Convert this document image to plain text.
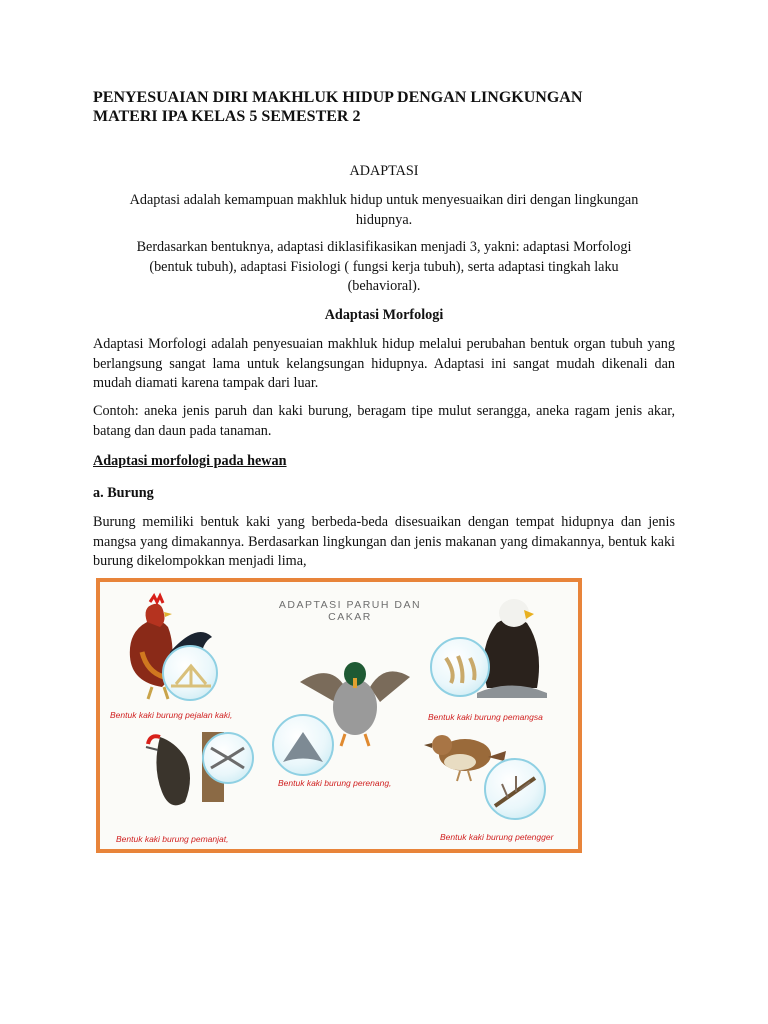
PENYESUAIAN DIRI MAKHLUK HIDUP DENGAN LINGKUNGAN
MATERI IPA KELAS 5 SEMESTER 2

ADAPTASI

Adaptasi adalah kemampuan makhluk hidup untuk menyesuaikan diri dengan lingkungan
hidupnya.
Berdasarkan bentuknya, adaptasi diklasifikasikan menjadi 3, yakni: adaptasi Morfologi
(bentuk tubuh), adaptasi Fisiologi ( fungsi kerja tubuh), serta adaptasi tingkah laku
(behavioral).

Adaptasi Morfologi

Adaptasi Morfologi adalah penyesuaian makhluk hidup melalui perubahan bentuk organ tubuh yang berlangsung sangat lama untuk kelangsungan hidupnya. Adaptasi ini sangat mudah dikenali dan mudah diamati karena tampak dari luar.

Contoh: aneka jenis paruh dan kaki burung, beragam tipe mulut serangga, aneka ragam jenis akar, batang dan daun pada tanaman.

Adaptasi morfologi pada hewan

a. Burung

Burung memiliki bentuk kaki yang berbeda-beda disesuaikan dengan tempat hidupnya dan jenis mangsa yang dimakannya. Berdasarkan lingkungan dan jenis makanan yang dimakannya, bentuk kaki burung dikelompokkan menjadi lima,

ADAPTASI PARUH DAN CAKAR
Bentuk kaki burung pejalan kaki,
Bentuk kaki burung perenang,
Bentuk kaki burung pemangsa
Bentuk kaki burung pemanjat,	Bentuk kaki burung petengger
